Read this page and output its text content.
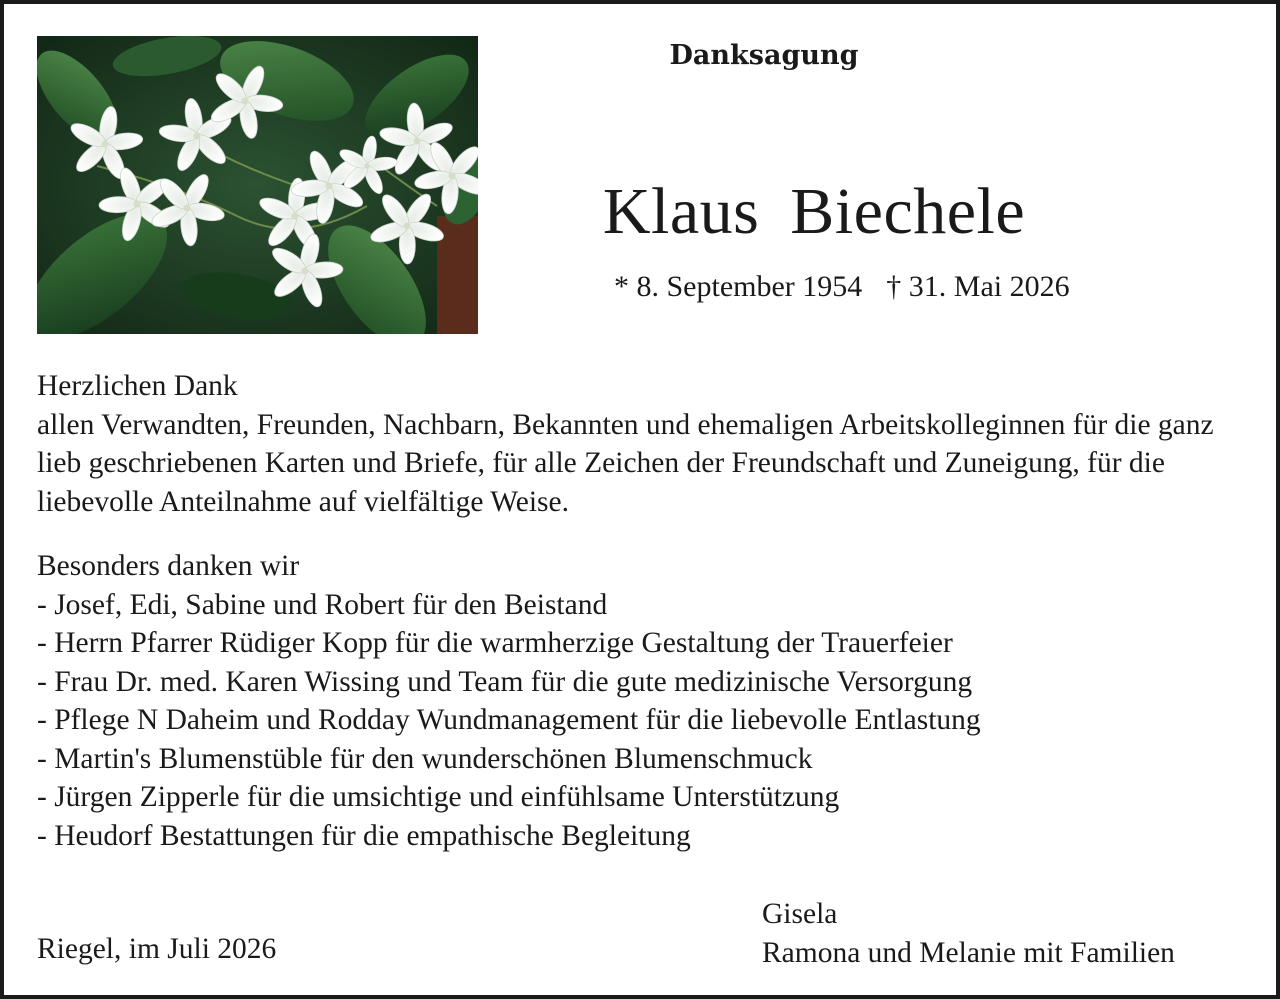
Danksagung
Klaus Biechele
* 8. September 1954 † 31. Mai 2026

Herzlichen Dank

allen Verwandten, Freunden, Nachbarn, Bekannten und ehemaligen Arbeitskolleginnen für die ganz lieb geschriebenen Karten und Briefe, für alle Zeichen der Freundschaft und Zuneigung, für die liebevolle Anteilnahme auf vielfältige Weise.

Besonders danken wir

- Josef, Edi, Sabine und Robert für den Beistand
- Herrn Pfarrer Rüdiger Kopp für die warmherzige Gestaltung der Trauerfeier
- Frau Dr. med. Karen Wissing und Team für die gute medizinische Versorgung
- Pflege N Daheim und Rodday Wundmanagement für die liebevolle Entlastung
- Martin's Blumenstüble für den wunderschönen Blumenschmuck
- Jürgen Zipperle für die umsichtige und einfühlsame Unterstützung
- Heudorf Bestattungen für die empathische Begleitung
Riegel, im Juli 2026
Gisela
Ramona und Melanie mit Familien
